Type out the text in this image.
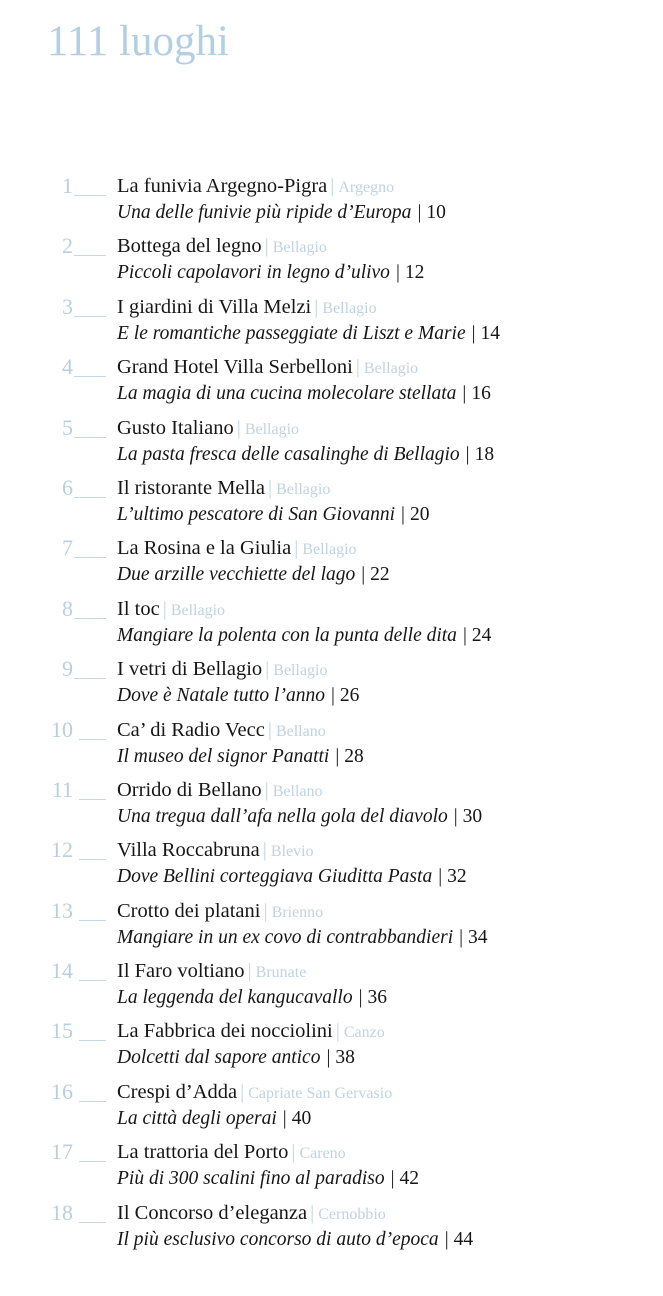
111 luoghi
1 La funivia Argegno-Pigra | Argegno
Una delle funivie più ripide d’Europa | 10
2 Bottega del legno | Bellagio
Piccoli capolavori in legno d’ulivo | 12
3 I giardini di Villa Melzi | Bellagio
E le romantiche passeggiate di Liszt e Marie | 14
4 Grand Hotel Villa Serbelloni | Bellagio
La magia di una cucina molecolare stellata | 16
5 Gusto Italiano | Bellagio
La pasta fresca delle casalinghe di Bellagio | 18
6 Il ristorante Mella | Bellagio
L’ultimo pescatore di San Giovanni | 20
7 La Rosina e la Giulia | Bellagio
Due arzille vecchiette del lago | 22
8 Il toc | Bellagio
Mangiare la polenta con la punta delle dita | 24
9 I vetri di Bellagio | Bellagio
Dove è Natale tutto l’anno | 26
10 Ca’ di Radio Vecc | Bellano
Il museo del signor Panatti | 28
11 Orrido di Bellano | Bellano
Una tregua dall’afa nella gola del diavolo | 30
12 Villa Roccabruna | Blevio
Dove Bellini corteggiava Giuditta Pasta | 32
13 Crotto dei platani | Brienno
Mangiare in un ex covo di contrabbandieri | 34
14 Il Faro voltiano | Brunate
La leggenda del kangucavallo | 36
15 La Fabbrica dei nocciolini | Canzo
Dolcetti dal sapore antico | 38
16 Crespi d’Adda | Capriate San Gervasio
La città degli operai | 40
17 La trattoria del Porto | Careno
Più di 300 scalini fino al paradiso | 42
18 Il Concorso d’eleganza | Cernobbio
Il più esclusivo concorso di auto d’epoca | 44
